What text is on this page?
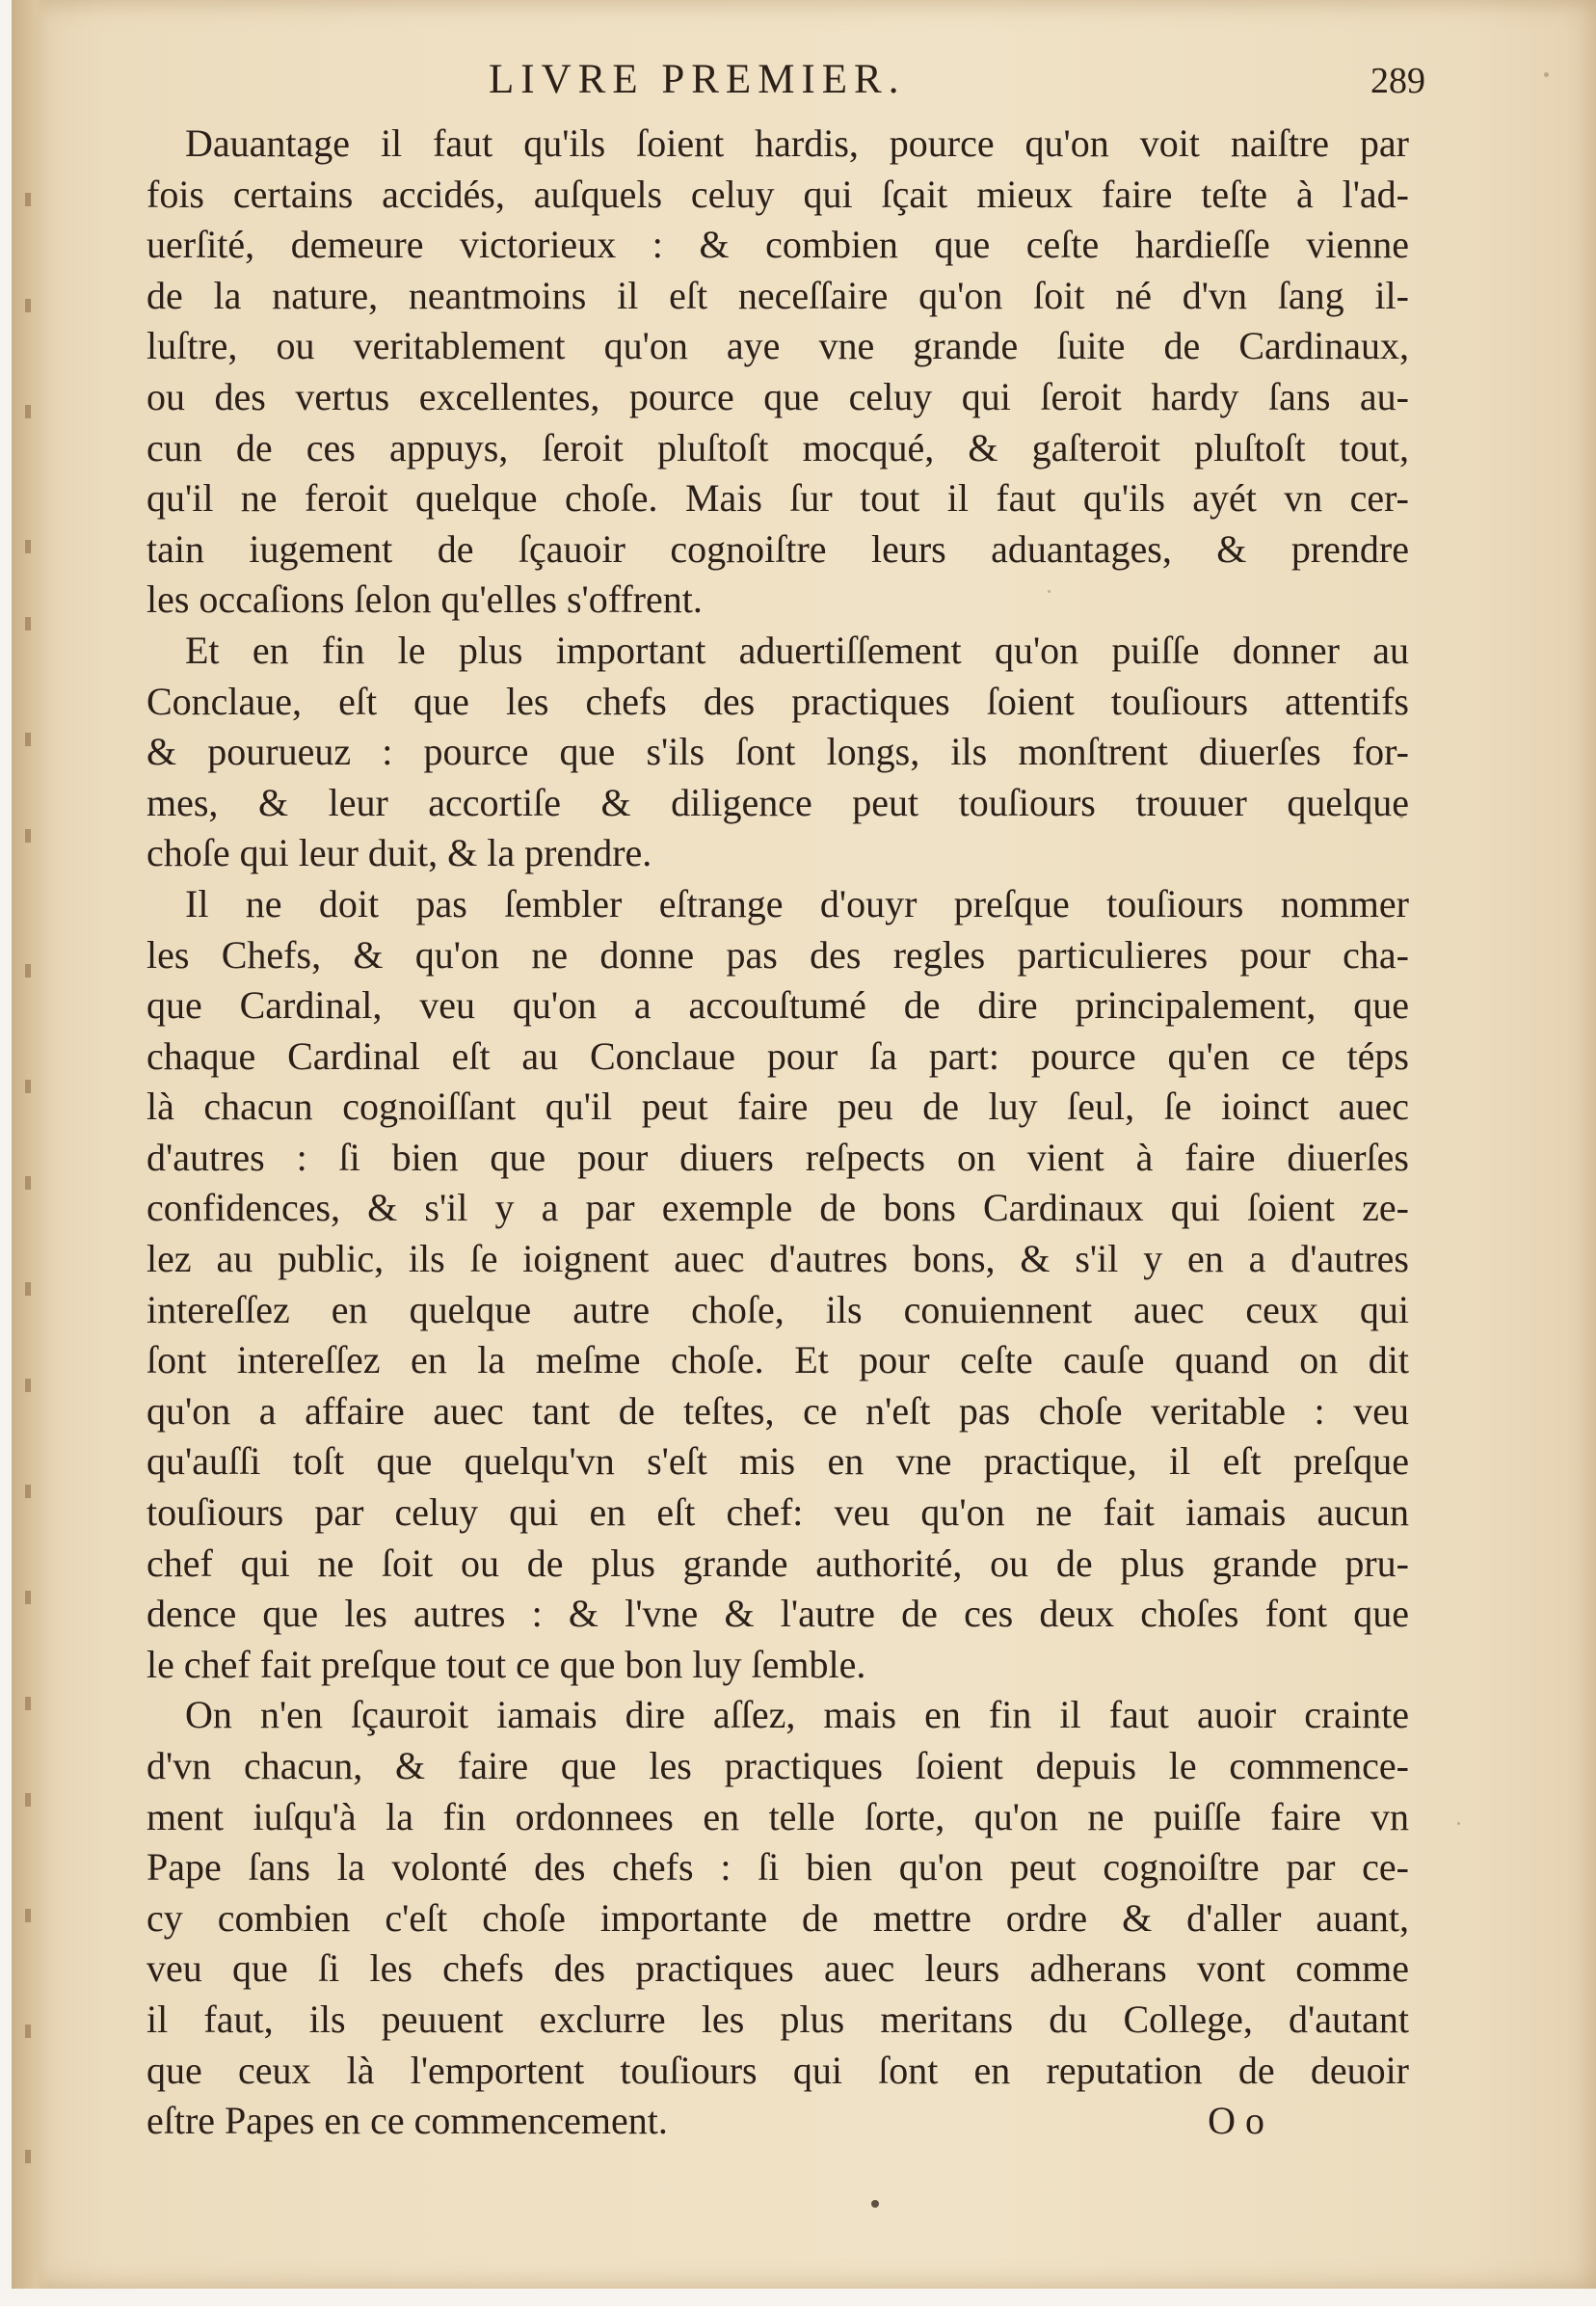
LIVRE PREMIER.	289
Dauantage il faut qu'ils ſoient hardis, pource qu'on voit naiſtre par
fois certains accidés, auſquels celuy qui ſçait mieux faire teſte à l'ad-
uerſité, demeure victorieux : & combien que ceſte hardieſſe vienne
de la nature, neantmoins il eſt neceſſaire qu'on ſoit né d'vn ſang il-
luſtre, ou veritablement qu'on aye vne grande ſuite de Cardinaux,
ou des vertus excellentes, pource que celuy qui ſeroit hardy ſans au-
cun de ces appuys, ſeroit pluſtoſt mocqué, & gaſteroit pluſtoſt tout,
qu'il ne feroit quelque choſe. Mais ſur tout il faut qu'ils ayét vn cer-
tain iugement de ſçauoir cognoiſtre leurs aduantages, & prendre
les occaſions ſelon qu'elles s'offrent.
Et en fin le plus important aduertiſſement qu'on puiſſe donner au
Conclaue, eſt que les chefs des practiques ſoient touſiours attentifs
& pourueuz : pource que s'ils ſont longs, ils monſtrent diuerſes for-
mes, & leur accortiſe & diligence peut touſiours trouuer quelque
choſe qui leur duit, & la prendre.
Il ne doit pas ſembler eſtrange d'ouyr preſque touſiours nommer
les Chefs, & qu'on ne donne pas des regles particulieres pour cha-
que Cardinal, veu qu'on a accouſtumé de dire principalement, que
chaque Cardinal eſt au Conclaue pour ſa part: pource qu'en ce téps
là chacun cognoiſſant qu'il peut faire peu de luy ſeul, ſe ioinct auec
d'autres : ſi bien que pour diuers reſpects on vient à faire diuerſes
confidences, & s'il y a par exemple de bons Cardinaux qui ſoient ze-
lez au public, ils ſe ioignent auec d'autres bons, & s'il y en a d'autres
intereſſez en quelque autre choſe, ils conuiennent auec ceux qui
ſont intereſſez en la meſme choſe. Et pour ceſte cauſe quand on dit
qu'on a affaire auec tant de teſtes, ce n'eſt pas choſe veritable : veu
qu'auſſi toſt que quelqu'vn s'eſt mis en vne practique, il eſt preſque
touſiours par celuy qui en eſt chef: veu qu'on ne fait iamais aucun
chef qui ne ſoit ou de plus grande authorité, ou de plus grande pru-
dence que les autres : & l'vne & l'autre de ces deux choſes font que
le chef fait preſque tout ce que bon luy ſemble.
On n'en ſçauroit iamais dire aſſez, mais en fin il faut auoir crainte
d'vn chacun, & faire que les practiques ſoient depuis le commence-
ment iuſqu'à la fin ordonnees en telle ſorte, qu'on ne puiſſe faire vn
Pape ſans la volonté des chefs : ſi bien qu'on peut cognoiſtre par ce-
cy combien c'eſt choſe importante de mettre ordre & d'aller auant,
veu que ſi les chefs des practiques auec leurs adherans vont comme
il faut, ils peuuent exclurre les plus meritans du College, d'autant
que ceux là l'emportent touſiours qui ſont en reputation de deuoir
eſtre Papes en ce commencement.	O o
